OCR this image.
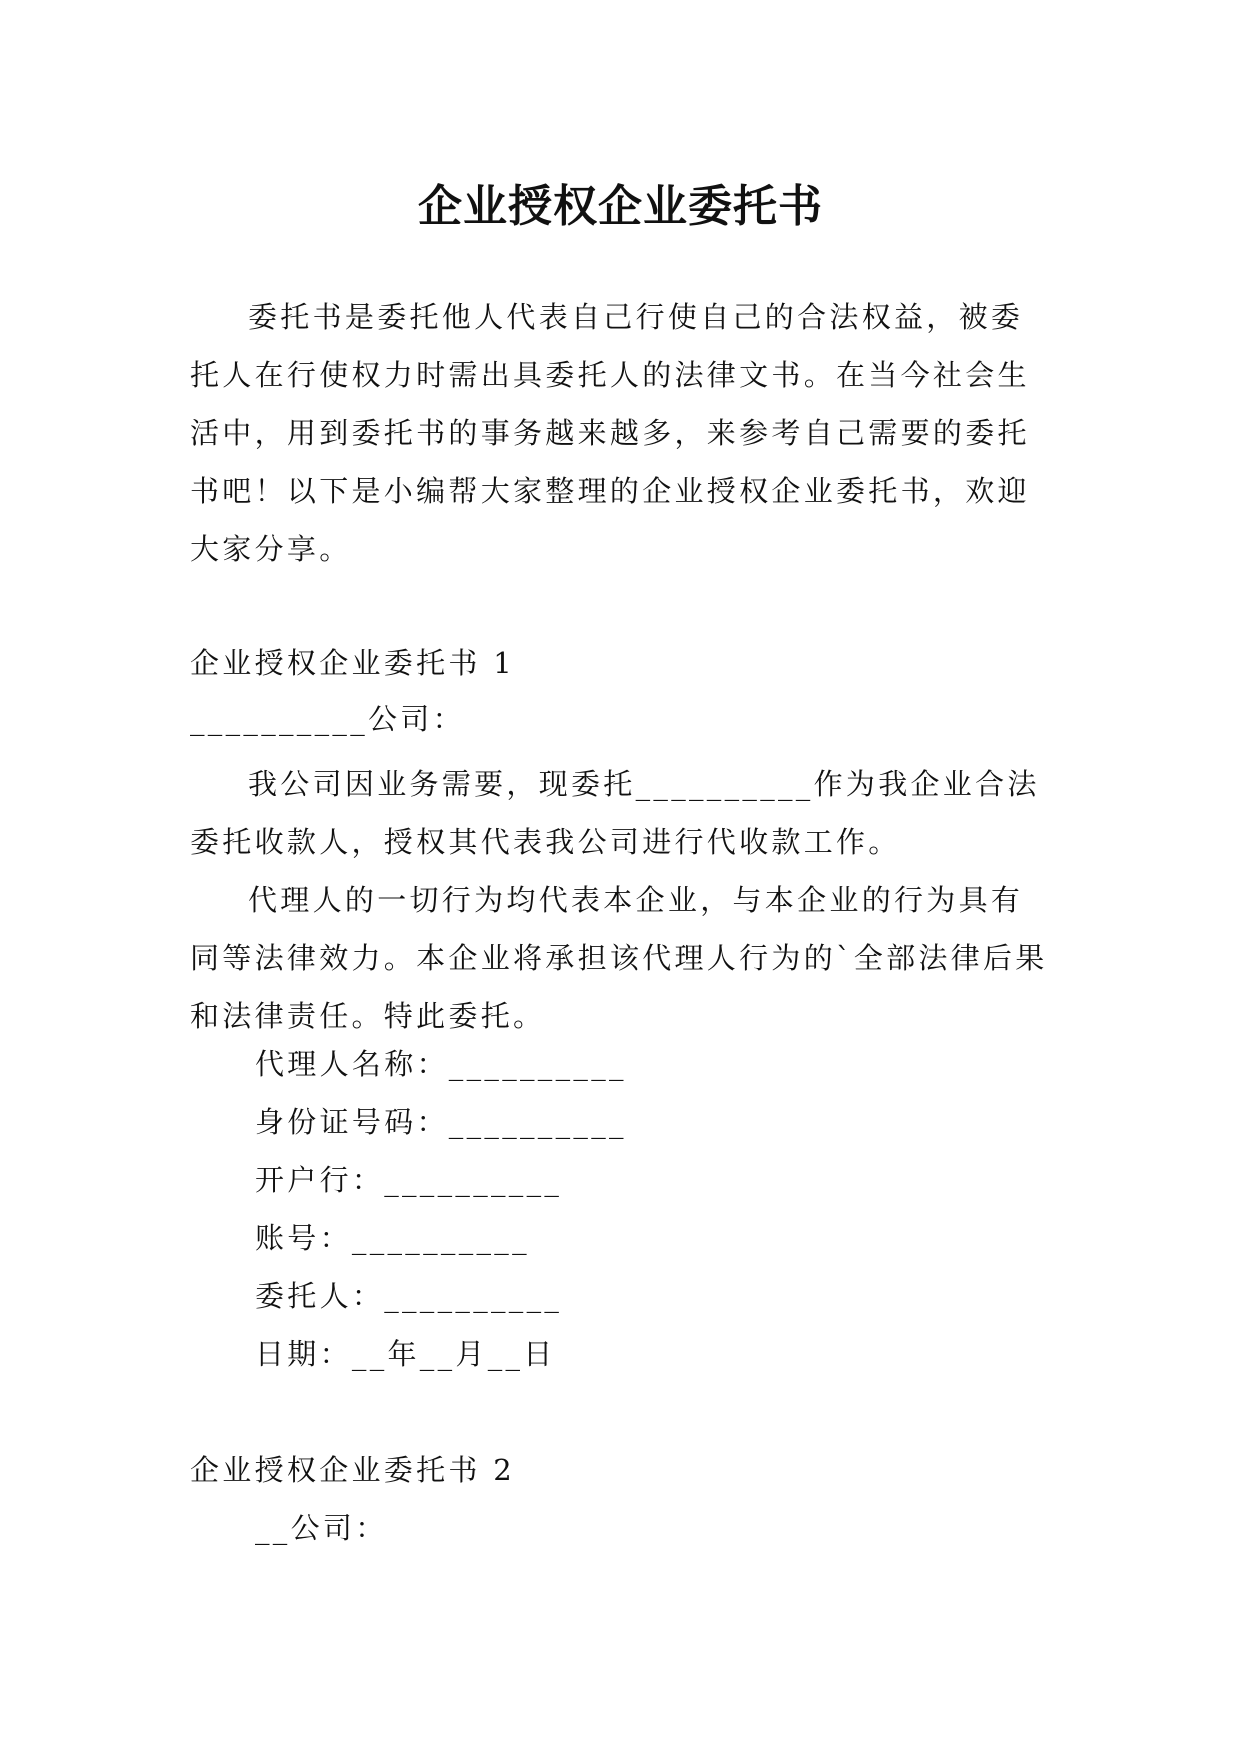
企业授权企业委托书

委托书是委托他人代表自己行使自己的合法权益，被委托人在行使权力时需出具委托人的法律文书。在当今社会生活中，用到委托书的事务越来越多，来参考自己需要的委托书吧！以下是小编帮大家整理的企业授权企业委托书，欢迎大家分享。

企业授权企业委托书 1
__________公司：

我公司因业务需要，现委托__________作为我企业合法委托收款人，授权其代表我公司进行代收款工作。

代理人的一切行为均代表本企业，与本企业的行为具有同等法律效力。本企业将承担该代理人行为的`全部法律后果和法律责任。特此委托。

代理人名称：__________
身份证号码：__________
开户行：__________
账号：__________
委托人：__________
日期：__年__月__日
企业授权企业委托书 2
__公司：
